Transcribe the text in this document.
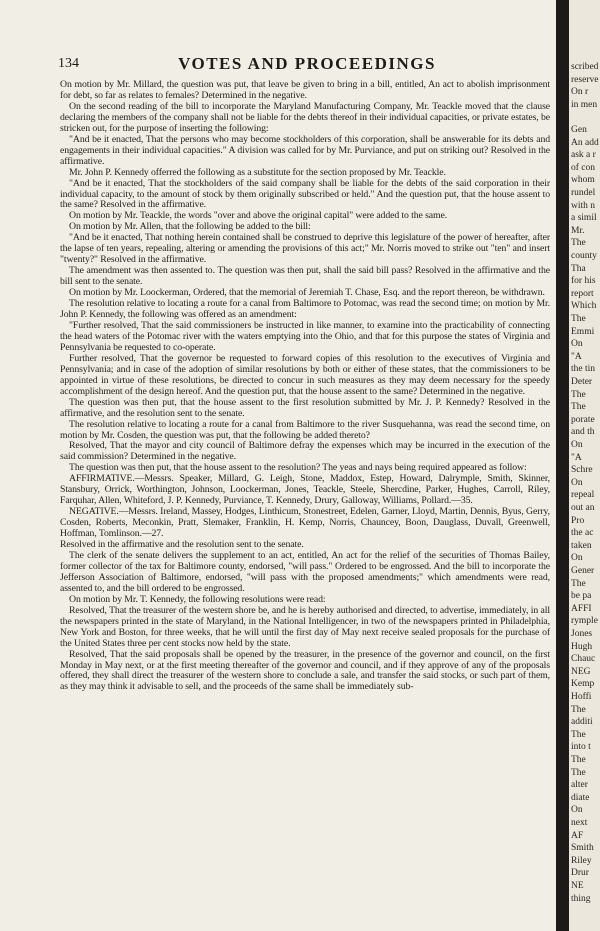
134	VOTES AND PROCEEDINGS

On motion by Mr. Millard, the question was put, that leave be given to bring in a bill, entitled, An act to abolish imprisonment for debt, so far as relates to females? Determined in the negative.

On the second reading of the bill to incorporate the Maryland Manufacturing Company, Mr. Teackle moved that the clause declaring the members of the company shall not be liable for the debts thereof in their individual capacities, or private estates, be stricken out, for the purpose of inserting the following:

"And be it enacted, That the persons who may become stockholders of this corporation, shall be answerable for its debts and engagements in their individual capacities." A division was called for by Mr. Purviance, and put on striking out? Resolved in the affirmative.

Mr. John P. Kennedy offerred the following as a substitute for the section proposed by Mr. Teackle.

"And be it enacted, That the stockholders of the said company shall be liable for the debts of the said corporation in their individual capacity, to the amount of stock by them originally subscribed or held." And the question put, that the house assent to the same? Resolved in the affirmative.

On motion by Mr. Teackle, the words "over and above the original capital" were added to the same.

On motion by Mr. Allen, that the following be added to the bill:

"And be it enacted, That nothing herein contained shall be construed to deprive this legislature of the power of hereafter, after the lapse of ten years, repealing, altering or amending the provisions of this act;" Mr. Norris moved to strike out "ten" and insert "twenty?" Resolved in the affirmative.

The amendment was then assented to. The question was then put, shall the said bill pass? Resolved in the affirmative and the bill sent to the senate.

On motion by Mr. Loockerman, Ordered, that the memorial of Jeremiah T. Chase, Esq. and the report thereon, be withdrawn.

The resolution relative to locating a route for a canal from Baltimore to Potomac, was read the second time; on motion by Mr. John P. Kennedy, the following was offered as an amendment:

"Further resolved, That the said commissioners be instructed in like manner, to examine into the practicability of connecting the head waters of the Potomac river with the waters emptying into the Ohio, and that for this purpose the states of Virginia and Pennsylvania be requested to co-operate.

Further resolved, That the governor be requested to forward copies of this resolution to the executives of Virginia and Pennsylvania; and in case of the adoption of similar resolutions by both or either of these states, that the commissioners to be appointed in virtue of these resolutions, be directed to concur in such measures as they may deem necessary for the speedy accomplishment of the design hereof. And the question put, that the house assent to the same? Determined in the negative.

The question was then put, that the house assent to the first resolution submitted by Mr. J. P. Kennedy? Resolved in the affirmative, and the resolution sent to the senate.

The resolution relative to locating a route for a canal from Baltimore to the river Susquehanna, was read the second time, on motion by Mr. Cosden, the question was put, that the following be added thereto?

Resolved, That the mayor and city council of Baltimore defray the expenses which may be incurred in the execution of the said commission? Determined in the negative.

The question was then put, that the house assent to the resolution? The yeas and nays being required appeared as follow:

AFFIRMATIVE.—Messrs. Speaker, Millard, G. Leigh, Stone, Maddox, Estep, Howard, Dalrymple, Smith, Skinner, Stansbury, Orrick, Worthington, Johnson, Loockerman, Jones, Teackle, Steele, Shercdine, Parker, Hughes, Carroll, Riley, Farquhar, Allen, Whiteford, J. P. Kennedy, Purviance, T. Kennedy, Drury, Galloway, Williams, Pollard.—35.

NEGATIVE.—Messrs. Ireland, Massey, Hodges, Linthicum, Stonestreet, Edelen, Garner, Lloyd, Martin, Dennis, Byus, Gerry, Cosden, Roberts, Meconkin, Pratt, Slemaker, Franklin, H. Kemp, Norris, Chauncey, Boon, Dauglass, Duvall, Greenwell, Hoffman, Tomlinson.—27.

Resolved in the affirmative and the resolution sent to the senate.

The clerk of the senate delivers the supplement to an act, entitled, An act for the relief of the securities of Thomas Bailey, former collector of the tax for Baltimore county, endorsed, "will pass." Ordered to be engrossed. And the bill to incorporate the Jefferson Association of Baltimore, endorsed, "will pass with the proposed amendments;" which amendments were read, assented to, and the bill ordered to be engrossed.

On motion by Mr. T. Kennedy, the following resolutions were read:

Resolved, That the treasurer of the western shore be, and he is hereby authorised and directed, to advertise, immediately, in all the newspapers printed in the state of Maryland, in the National Intelligencer, in two of the newspapers printed in Philadelphia, New York and Boston, for three weeks, that he will until the first day of May next receive sealed proposals for the purchase of the United States three per cent stocks now held by the state.

Resolved, That the said proposals shall be opened by the treasurer, in the presence of the governor and council, on the first Monday in May next, or at the first meeting thereafter of the governor and council, and if they approve of any of the proposals offered, they shall direct the treasurer of the western shore to conclude a sale, and transfer the said stocks, or such part of them, as they may think it advisable to sell, and the proceeds of the same shall be immediately sub-

scribed
reserve
On r
in men
Gen
An add
ask a r
of con
whom
rundel
with n
a simil
Mr.
The
county
Tha
for his
report
Which
The
Emmi
On
"A
the tin
Deter
The
The
porate
and th
On
"A
Schre
On
repeal
out an
Pro
the ac
taken
On
Gener
The
be pa
AFFI
rymple
Jones
Hugh
Chauc
NEG
Kemp
Hoffi
The
additi
The
into t
The
The
alter
diate
On
next
AF
Smith
Riley
Drur
NE
thing
